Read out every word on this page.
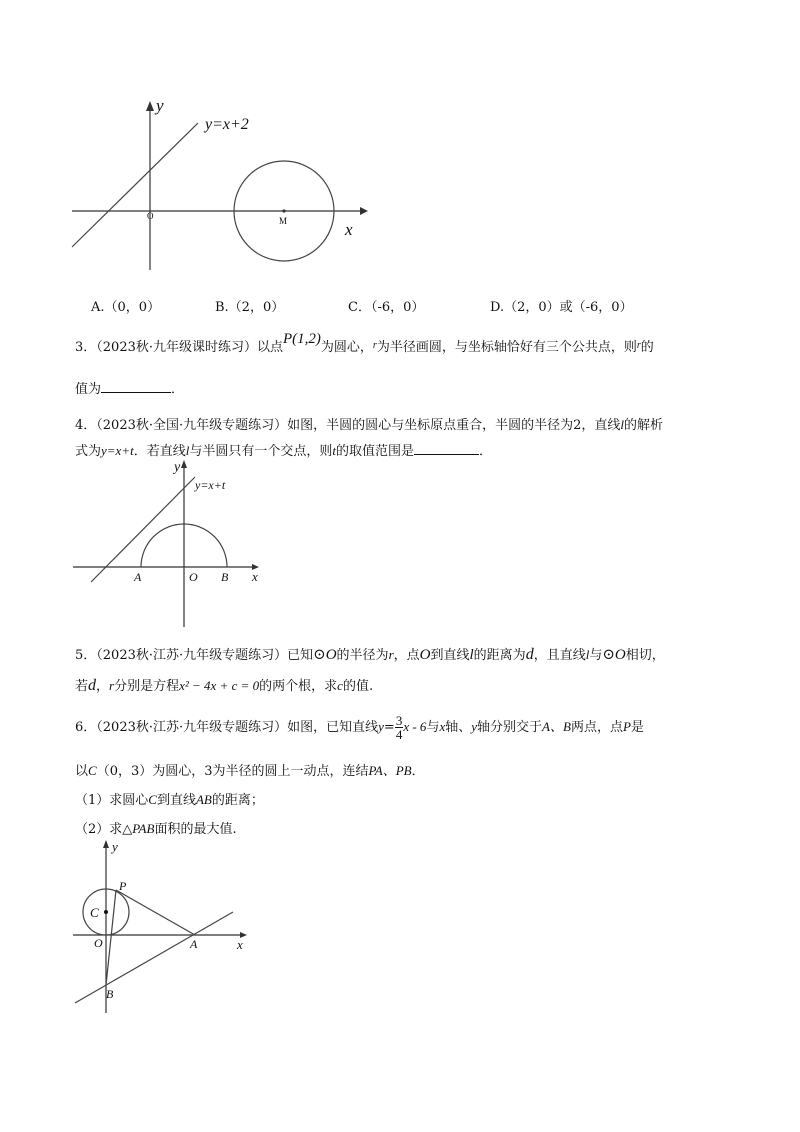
y
x
O	M
y=x+2
A.（0，0）	B.（2，0）	C．（-6，0）	D.（2，0）或（-6，0）
3．（2023秋·九年级课时练习）以点P(1,2)为圆心，$^r$为半径画圆，与坐标轴恰好有三个公共点，则$^r$的
值为	．
4．（2023秋·全国·九年级专题练习）如图，半圆的圆心与坐标原点重合，半圆的半径为2，直线l的解析
式为y=x+t．若直线l与半圆只有一个交点，则t的取值范围是	．
y
x
y=x+t
A	O B
5．（2023秋·江苏·九年级专题练习）已知⊙O的半径为r，点O到直线l的距离为d，且直线l与⊙O相切，
若d，r分别是方程x² − 4x + c = 0的两个根，求c的值.
6．（2023秋·江苏·九年级专题练习）如图，已知直线$y= \frac{3}{4}$ x - 6与x轴、y轴分别交于A、B两点，点P是
以C（0，3）为圆心，3为半径的圆上一动点，连结PA、PB．
（1）求圆心C到直线AB的距离；
（2）求△PAB面积的最大值.
y
x
P
C
O	A
B
